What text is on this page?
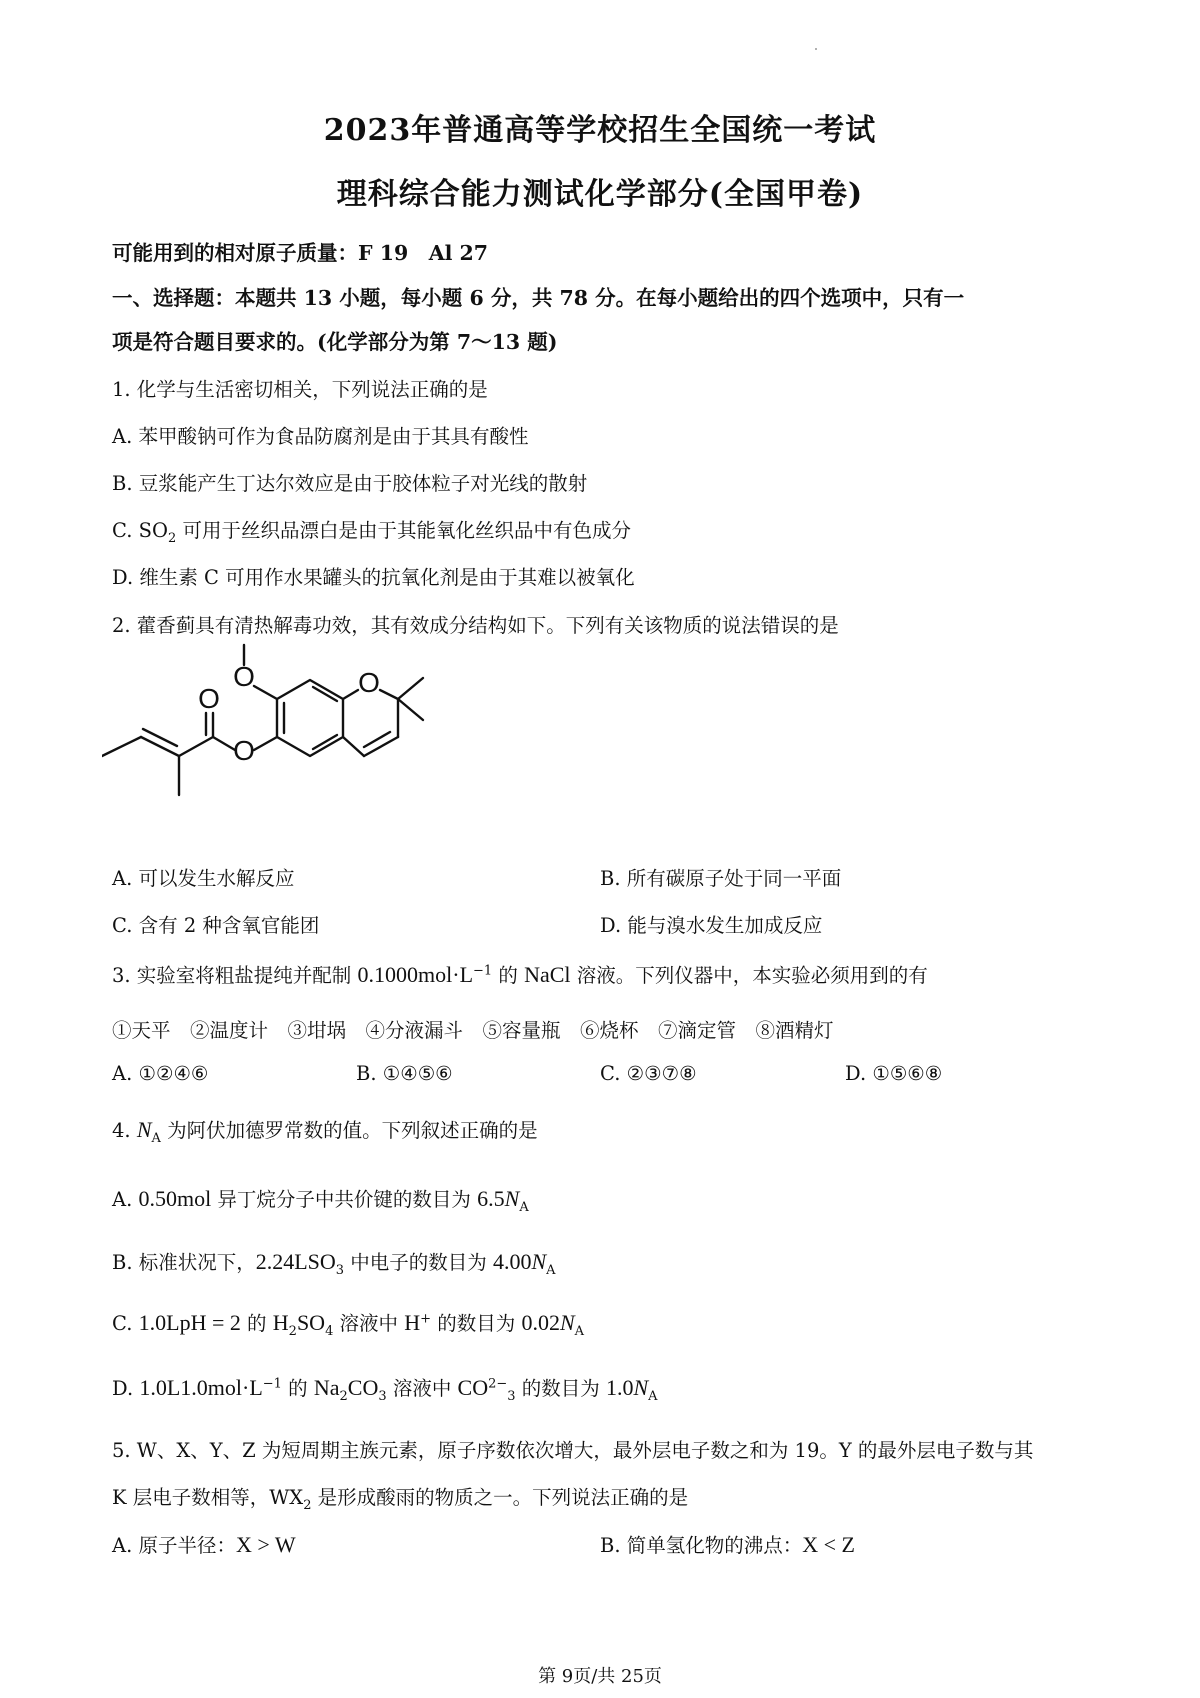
2023年普通高等学校招生全国统一考试
理科综合能力测试化学部分(全国甲卷)
可能用到的相对原子质量：F 19　Al 27
一、选择题：本题共 13 小题，每小题 6 分，共 78 分。在每小题给出的四个选项中，只有一
项是符合题目要求的。(化学部分为第 7～13 题)
1. 化学与生活密切相关，下列说法正确的是
A. 苯甲酸钠可作为食品防腐剂是由于其具有酸性
B. 豆浆能产生丁达尔效应是由于胶体粒子对光线的散射
C. $SO_2$ 可用于丝织品漂白是由于其能氧化丝织品中有色成分
D. 维生素 C 可用作水果罐头的抗氧化剂是由于其难以被氧化
2. 藿香蓟具有清热解毒功效，其有效成分结构如下。下列有关该物质的说法错误的是
O
O
O
O
A. 可以发生水解反应	B. 所有碳原子处于同一平面
C. 含有 2 种含氧官能团	D. 能与溴水发生加成反应
3. 实验室将粗盐提纯并配制 $0.1000mol\cdot L^{-1}$ 的 NaCl 溶液。下列仪器中，本实验必须用到的有
①天平　②温度计　③坩埚　④分液漏斗　⑤容量瓶　⑥烧杯　⑦滴定管　⑧酒精灯
A. ①②④⑥	B. ①④⑤⑥	C. ②③⑦⑧	D. ①⑤⑥⑧
4. $N_A$ 为阿伏加德罗常数的值。下列叙述正确的是
A. 0.50mol 异丁烷分子中共价键的数目为 $6.5N_A$
B. 标准状况下，$2.24LSO_3$ 中电子的数目为 $4.00N_A$
C. 1.0LpH = 2 的 $H_2SO_4$ 溶液中 H+ 的数目为 $0.02N_A$
D. $1.0L1.0mol\cdot L^{-1}$ 的 $Na_2CO_3$ 溶液中 $CO^{2-}_3$ 的数目为 $1.0N_A$
5. W、X、Y、Z 为短周期主族元素，原子序数依次增大，最外层电子数之和为 19。Y 的最外层电子数与其
K 层电子数相等，$WX_2$ 是形成酸雨的物质之一。下列说法正确的是
A. 原子半径：X > W	B. 简单氢化物的沸点：X < Z
第 9页/共 25页
